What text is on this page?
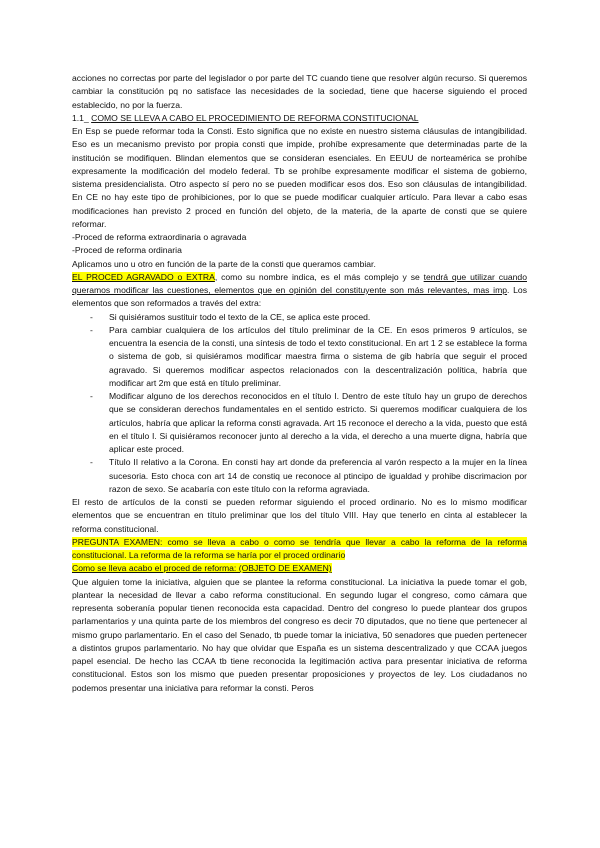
acciones no correctas por parte del legislador o por parte del TC cuando tiene que resolver algún recurso. Si queremos cambiar la constitución pq no satisface las necesidades de la sociedad, tiene que hacerse siguiendo el proced establecido, no por la fuerza.

1.1_ COMO SE LLEVA A CABO EL PROCEDIMIENTO DE REFORMA CONSTITUCIONAL

En Esp se puede reformar toda la Consti. Esto significa que no existe en nuestro sistema cláusulas de intangibilidad. Eso es un mecanismo previsto por propia consti que impide, prohíbe expresamente que determinadas parte de la institución se modifiquen. Blindan elementos que se consideran esenciales. En EEUU de norteamérica se prohíbe expresamente la modificación del modelo federal. Tb se prohíbe expresamente modificar el sistema de gobierno, sistema presidencialista. Otro aspecto sí pero no se pueden modificar esos dos. Eso son cláusulas de intangibilidad. En CE no hay este tipo de prohibiciones, por lo que se puede modificar cualquier artículo. Para llevar a cabo esas modificaciones han previsto 2 proced en función del objeto, de la materia, de la aparte de consti que se quiere reformar.

-Proced de reforma extraordinaria o agravada

-Proced de reforma ordinaria

Aplicamos uno u otro en función de la parte de la consti que queramos cambiar.

EL PROCED AGRAVADO o EXTRA, como su nombre indica, es el más complejo y se tendrá que utilizar cuando queramos modificar las cuestiones, elementos que en opinión del constituyente son más relevantes, mas imp. Los elementos que son reformados a través del extra:

- Si quisiéramos sustituir todo el texto de la CE, se aplica este proced.
- Para cambiar cualquiera de los artículos del título preliminar de la CE. En esos primeros 9 artículos, se encuentra la esencia de la consti, una síntesis de todo el texto constitucional. En art 1 2 se establece la forma o sistema de gob, si quisiéramos modificar maestra firma o sistema de gib habría que seguir el proced agravado. Si queremos modificar aspectos relacionados con la descentralización política, habría que modificar art 2m que está en título preliminar.
- Modificar alguno de los derechos reconocidos en el título I. Dentro de este título hay un grupo de derechos que se consideran derechos fundamentales en el sentido estricto. Si queremos modificar cualquiera de los artículos, habría que aplicar la reforma consti agravada. Art 15 reconoce el derecho a la vida, puesto que está en el título I. Si quisiéramos reconocer junto al derecho a la vida, el derecho a una muerte digna, habría que aplicar este proced.
- Título II relativo a la Corona. En consti hay art donde da preferencia al varón respecto a la mujer en la línea sucesoria. Esto choca con art 14 de constiq ue reconoce al ptincipo de igualdad y prohibe discrimacion por razon de sexo. Se acabaría con este título con la reforma agraviada.

El resto de artículos de la consti se pueden reformar siguiendo el proced ordinario. No es lo mismo modificar elementos que se encuentran en título preliminar que los del título VIII. Hay que tenerlo en cinta al establecer la reforma constitucional.

PREGUNTA EXAMEN: como se lleva a cabo o como se tendría que llevar a cabo la reforma de la reforma constitucional. La reforma de la reforma se haría por el proced ordinario

Como se lleva acabo el proced de reforma: (OBJETO DE EXAMEN)

Que alguien tome la iniciativa, alguien que se plantee la reforma constitucional. La iniciativa la puede tomar el gob, plantear la necesidad de llevar a cabo reforma constitucional. En segundo lugar el congreso, como cámara que representa soberanía popular tienen reconocida esta capacidad. Dentro del congreso lo puede plantear dos grupos parlamentarios y una quinta parte de los miembros del congreso es decir 70 diputados, que no tiene que pertenecer al mismo grupo parlamentario. En el caso del Senado, tb puede tomar la iniciativa, 50 senadores que pueden pertenecer a distintos grupos parlamentario. No hay que olvidar que España es un sistema descentralizado y que CCAA juegos papel esencial. De hecho las CCAA tb tiene reconocida la legitimación activa para presentar iniciativa de reforma constitucional. Estos son los mismo que pueden presentar proposiciones y proyectos de ley. Los ciudadanos no podemos presentar una iniciativa para reformar la consti. Peros
